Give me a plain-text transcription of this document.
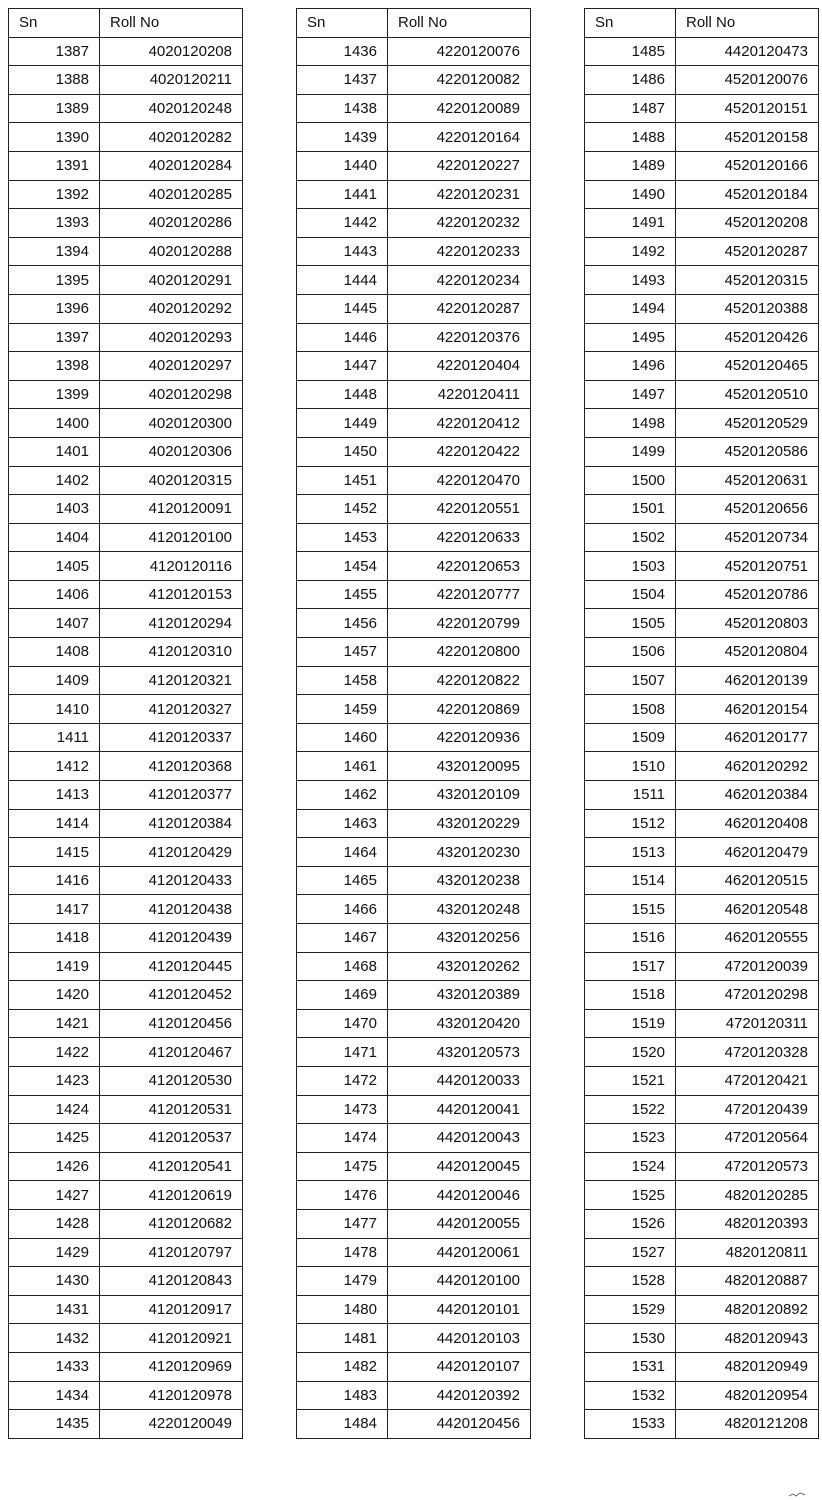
Sn	Roll No
1387	4020120208
1388	4020120211
1389	4020120248
1390	4020120282
1391	4020120284
1392	4020120285
1393	4020120286
1394	4020120288
1395	4020120291
1396	4020120292
1397	4020120293
1398	4020120297
1399	4020120298
1400	4020120300
1401	4020120306
1402	4020120315
1403	4120120091
1404	4120120100
1405	4120120116
1406	4120120153
1407	4120120294
1408	4120120310
1409	4120120321
1410	4120120327
1411	4120120337
1412	4120120368
1413	4120120377
1414	4120120384
1415	4120120429
1416	4120120433
1417	4120120438
1418	4120120439
1419	4120120445
1420	4120120452
1421	4120120456
1422	4120120467
1423	4120120530
1424	4120120531
1425	4120120537
1426	4120120541
1427	4120120619
1428	4120120682
1429	4120120797
1430	4120120843
1431	4120120917
1432	4120120921
1433	4120120969
1434	4120120978
1435	4220120049
Sn	Roll No
1436	4220120076
1437	4220120082
1438	4220120089
1439	4220120164
1440	4220120227
1441	4220120231
1442	4220120232
1443	4220120233
1444	4220120234
1445	4220120287
1446	4220120376
1447	4220120404
1448	4220120411
1449	4220120412
1450	4220120422
1451	4220120470
1452	4220120551
1453	4220120633
1454	4220120653
1455	4220120777
1456	4220120799
1457	4220120800
1458	4220120822
1459	4220120869
1460	4220120936
1461	4320120095
1462	4320120109
1463	4320120229
1464	4320120230
1465	4320120238
1466	4320120248
1467	4320120256
1468	4320120262
1469	4320120389
1470	4320120420
1471	4320120573
1472	4420120033
1473	4420120041
1474	4420120043
1475	4420120045
1476	4420120046
1477	4420120055
1478	4420120061
1479	4420120100
1480	4420120101
1481	4420120103
1482	4420120107
1483	4420120392
1484	4420120456
Sn	Roll No
1485	4420120473
1486	4520120076
1487	4520120151
1488	4520120158
1489	4520120166
1490	4520120184
1491	4520120208
1492	4520120287
1493	4520120315
1494	4520120388
1495	4520120426
1496	4520120465
1497	4520120510
1498	4520120529
1499	4520120586
1500	4520120631
1501	4520120656
1502	4520120734
1503	4520120751
1504	4520120786
1505	4520120803
1506	4520120804
1507	4620120139
1508	4620120154
1509	4620120177
1510	4620120292
1511	4620120384
1512	4620120408
1513	4620120479
1514	4620120515
1515	4620120548
1516	4620120555
1517	4720120039
1518	4720120298
1519	4720120311
1520	4720120328
1521	4720120421
1522	4720120439
1523	4720120564
1524	4720120573
1525	4820120285
1526	4820120393
1527	4820120811
1528	4820120887
1529	4820120892
1530	4820120943
1531	4820120949
1532	4820120954
1533	4820121208
